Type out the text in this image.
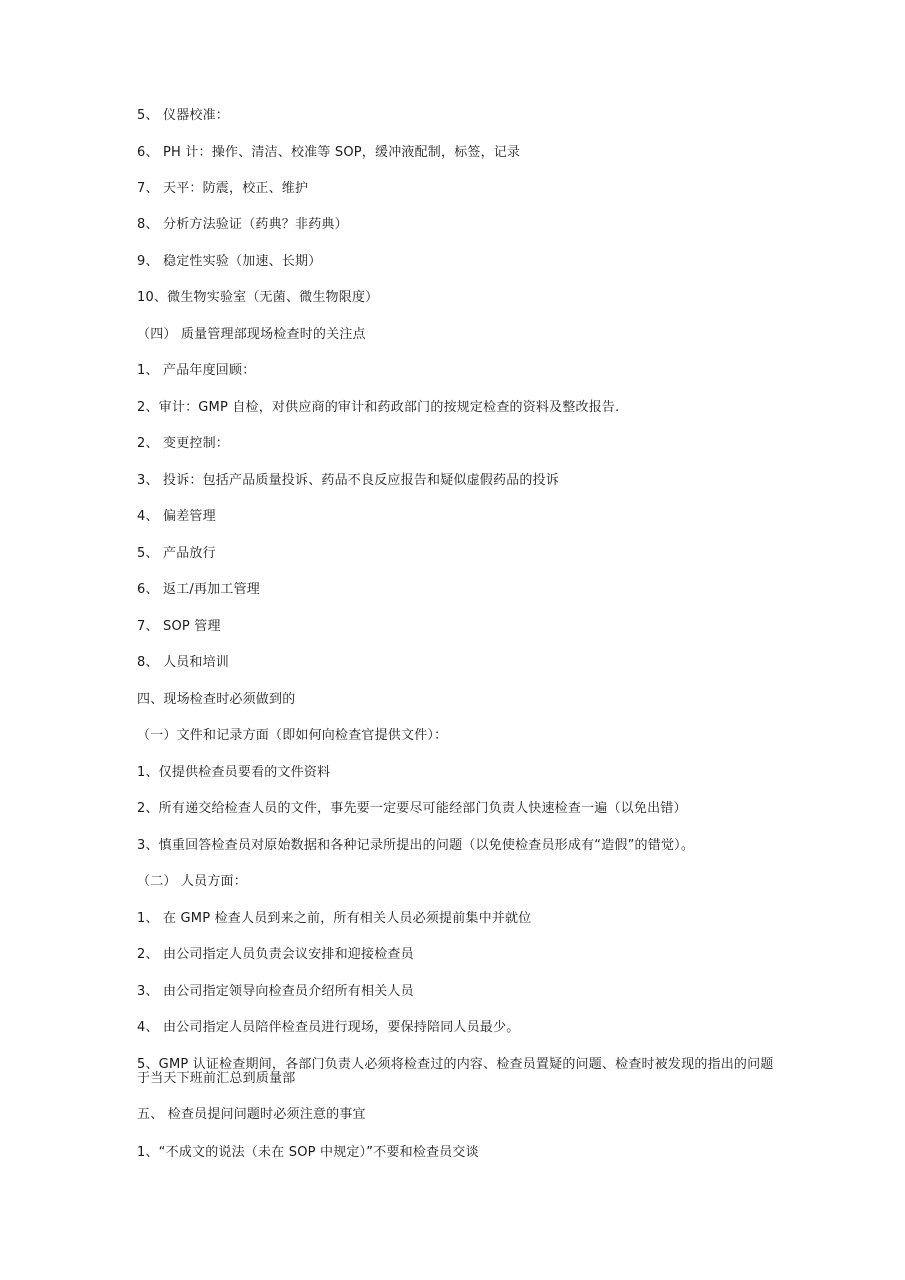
5、 仪器校准：
6、 PH 计：操作、清洁、校准等 SOP，缓冲液配制，标签，记录
7、 天平：防震，校正、维护
8、 分析方法验证（药典？非药典）
9、 稳定性实验（加速、长期）
10、微生物实验室（无菌、微生物限度）
（四） 质量管理部现场检查时的关注点
1、 产品年度回顾：
2、审计：GMP 自检，对供应商的审计和药政部门的按规定检查的资料及整改报告.
2、 变更控制：
3、 投诉：包括产品质量投诉、药品不良反应报告和疑似虚假药品的投诉
4、 偏差管理
5、 产品放行
6、 返工/再加工管理
7、 SOP 管理
8、 人员和培训
四、现场检查时必须做到的
（一）文件和记录方面（即如何向检查官提供文件）：
1、仅提供检查员要看的文件资料
2、所有递交给检查人员的文件，事先要一定要尽可能经部门负责人快速检查一遍（以免出错）
3、慎重回答检查员对原始数据和各种记录所提出的问题（以免使检查员形成有“造假”的错觉）。
（二） 人员方面：
1、 在 GMP 检查人员到来之前，所有相关人员必须提前集中并就位
2、 由公司指定人员负责会议安排和迎接检查员
3、 由公司指定领导向检查员介绍所有相关人员
4、 由公司指定人员陪伴检查员进行现场，要保持陪同人员最少。
5、GMP 认证检查期间，各部门负责人必须将检查过的内容、检查员置疑的问题、检查时被发现的指出的问题于当天下班前汇总到质量部
五、 检查员提问问题时必须注意的事宜
1、“不成文的说法（未在 SOP 中规定）”不要和检查员交谈
